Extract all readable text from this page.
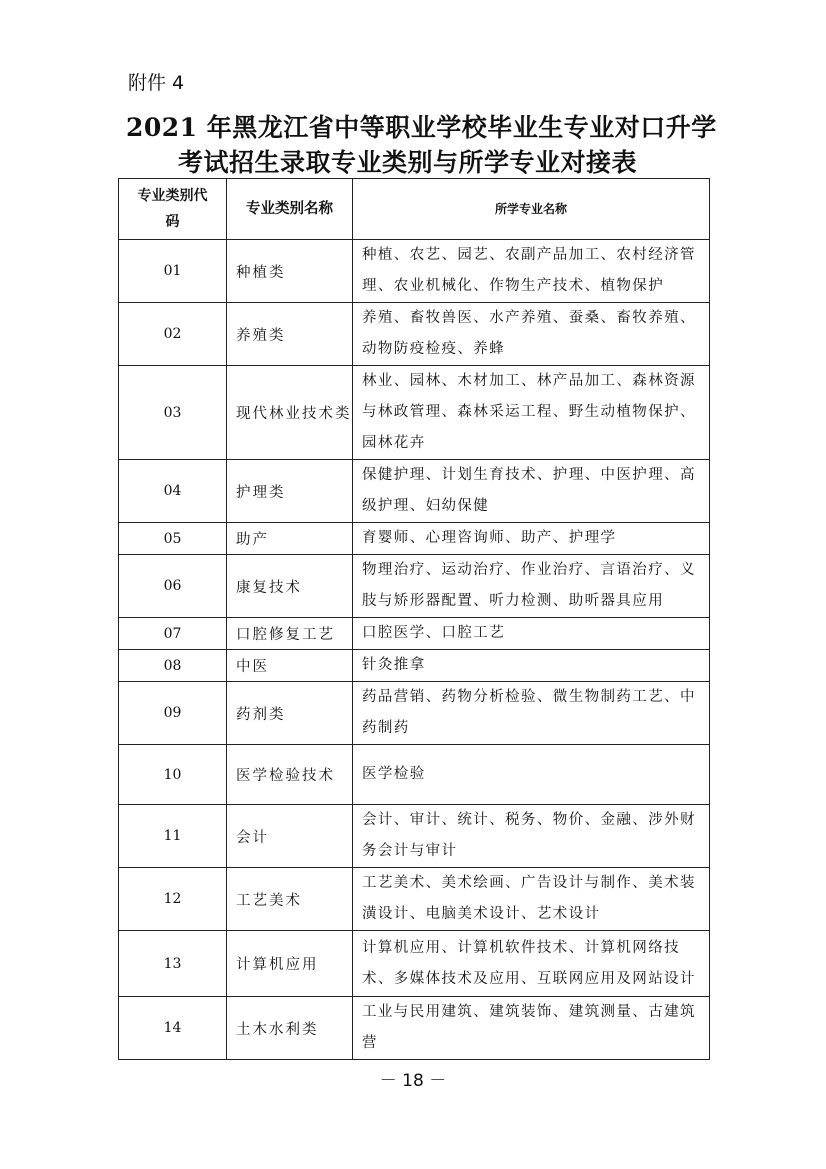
附件 4
2021 年黑龙江省中等职业学校毕业生专业对口升学
考试招生录取专业类别与所学专业对接表
专业类别代码	专业类别名称	所学专业名称
01	种植类	种植、农艺、园艺、农副产品加工、农村经济管理、农业机械化、作物生产技术、植物保护
02	养殖类	养殖、畜牧兽医、水产养殖、蚕桑、畜牧养殖、动物防疫检疫、养蜂
03	现代林业技术类	林业、园林、木材加工、林产品加工、森林资源与林政管理、森林采运工程、野生动植物保护、园林花卉
04	护理类	保健护理、计划生育技术、护理、中医护理、高级护理、妇幼保健
05	助产	育婴师、心理咨询师、助产、护理学
06	康复技术	物理治疗、运动治疗、作业治疗、言语治疗、义肢与矫形器配置、听力检测、助听器具应用
07	口腔修复工艺	口腔医学、口腔工艺
08	中医	针灸推拿
09	药剂类	药品营销、药物分析检验、微生物制药工艺、中药制药
10	医学检验技术	医学检验
11	会计	会计、审计、统计、税务、物价、金融、涉外财务会计与审计
12	工艺美术	工艺美术、美术绘画、广告设计与制作、美术装潢设计、电脑美术设计、艺术设计
13	计算机应用	计算机应用、计算机软件技术、计算机网络技术、多媒体技术及应用、互联网应用及网站设计
14	土木水利类	工业与民用建筑、建筑装饰、建筑测量、古建筑营
－ 18 －
